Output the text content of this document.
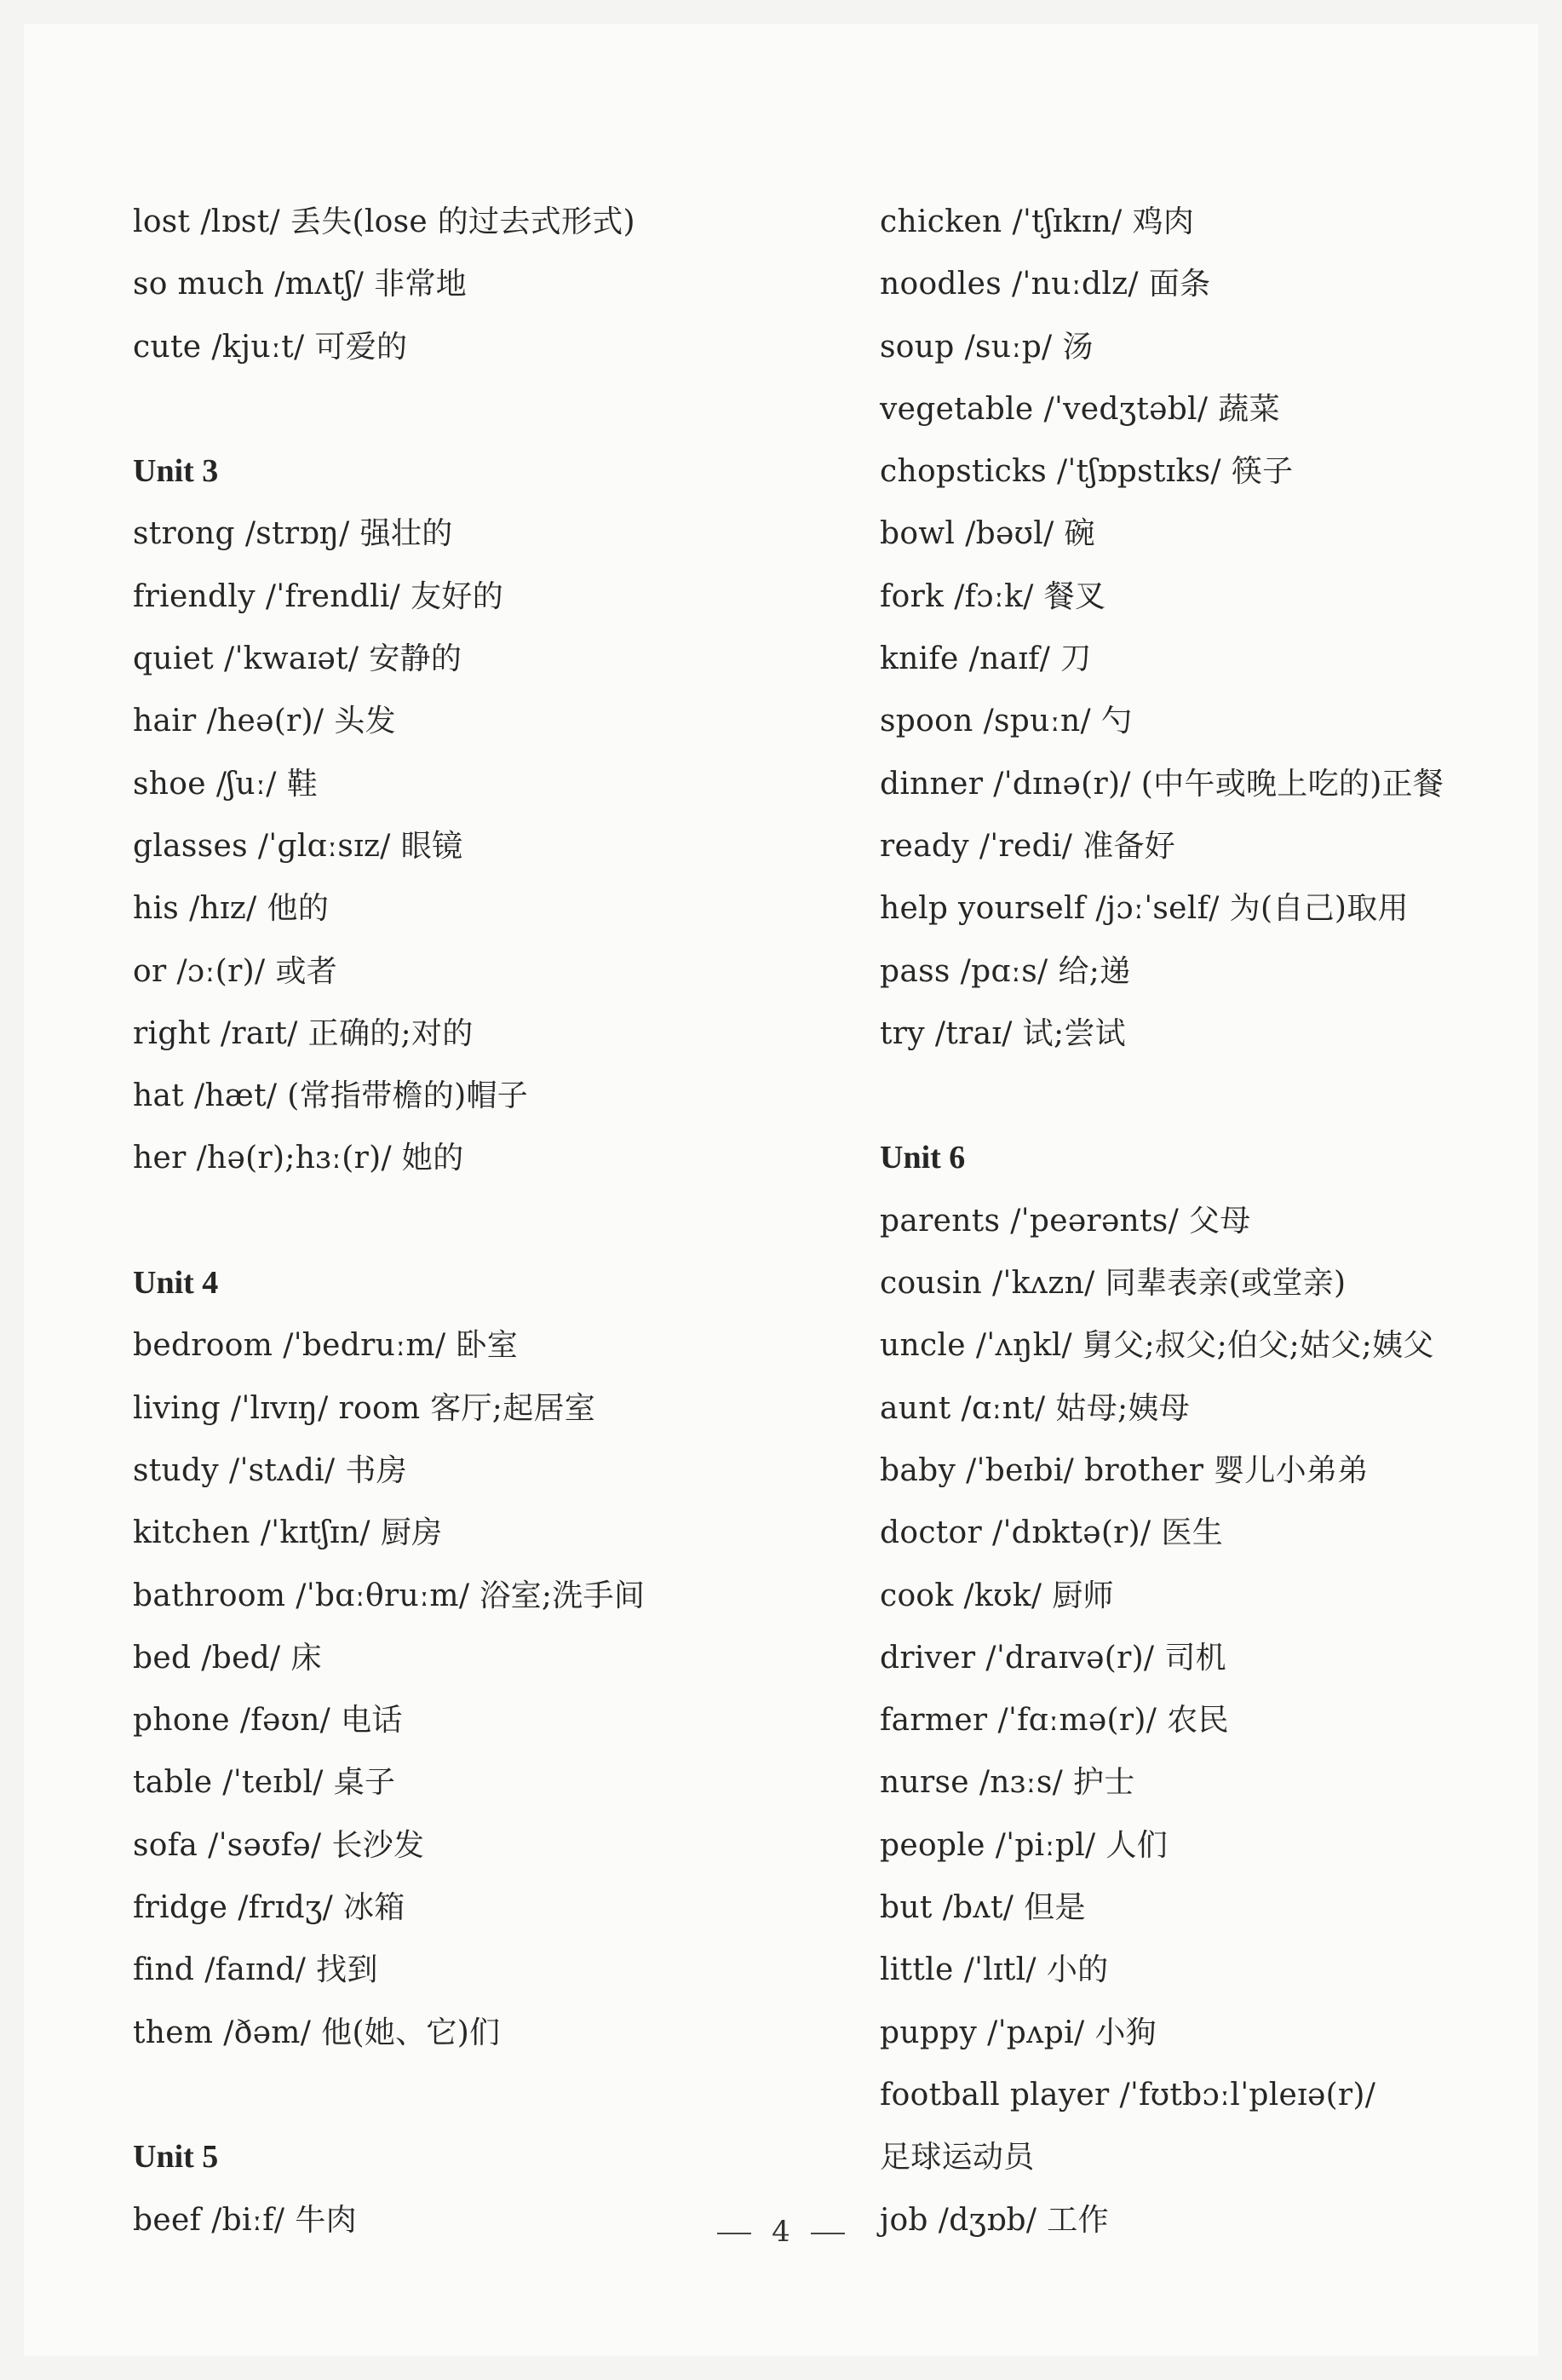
lost /lɒst/ 丢失(lose 的过去式形式)
so much /mʌtʃ/ 非常地
cute /kjuːt/ 可爱的
Unit 3
strong /strɒŋ/ 强壮的
friendly /ˈfrendli/ 友好的
quiet /ˈkwaɪət/ 安静的
hair /heə(r)/ 头发
shoe /ʃuː/ 鞋
glasses /ˈɡlɑːsɪz/ 眼镜
his /hɪz/ 他的
or /ɔː(r)/ 或者
right /raɪt/ 正确的;对的
hat /hæt/ (常指带檐的)帽子
her /hə(r);hɜː(r)/ 她的
Unit 4
bedroom /ˈbedruːm/ 卧室
living /ˈlɪvɪŋ/ room 客厅;起居室
study /ˈstʌdi/ 书房
kitchen /ˈkɪtʃɪn/ 厨房
bathroom /ˈbɑːθruːm/ 浴室;洗手间
bed /bed/ 床
phone /fəʊn/ 电话
table /ˈteɪbl/ 桌子
sofa /ˈsəʊfə/ 长沙发
fridge /frɪdʒ/ 冰箱
find /faɪnd/ 找到
them /ðəm/ 他(她、它)们
Unit 5
beef /biːf/ 牛肉
chicken /ˈtʃɪkɪn/ 鸡肉
noodles /ˈnuːdlz/ 面条
soup /suːp/ 汤
vegetable /ˈvedʒtəbl/ 蔬菜
chopsticks /ˈtʃɒpstɪks/ 筷子
bowl /bəʊl/ 碗
fork /fɔːk/ 餐叉
knife /naɪf/ 刀
spoon /spuːn/ 勺
dinner /ˈdɪnə(r)/ (中午或晚上吃的)正餐
ready /ˈredi/ 准备好
help yourself /jɔːˈself/ 为(自己)取用
pass /pɑːs/ 给;递
try /traɪ/ 试;尝试
Unit 6
parents /ˈpeərənts/ 父母
cousin /ˈkʌzn/ 同辈表亲(或堂亲)
uncle /ˈʌŋkl/ 舅父;叔父;伯父;姑父;姨父
aunt /ɑːnt/ 姑母;姨母
baby /ˈbeɪbi/ brother 婴儿小弟弟
doctor /ˈdɒktə(r)/ 医生
cook /kʊk/ 厨师
driver /ˈdraɪvə(r)/ 司机
farmer /ˈfɑːmə(r)/ 农民
nurse /nɜːs/ 护士
people /ˈpiːpl/ 人们
but /bʌt/ 但是
little /ˈlɪtl/ 小的
puppy /ˈpʌpi/ 小狗
football player /ˈfʊtbɔːlˈpleɪə(r)/
足球运动员
job /dʒɒb/ 工作
4
